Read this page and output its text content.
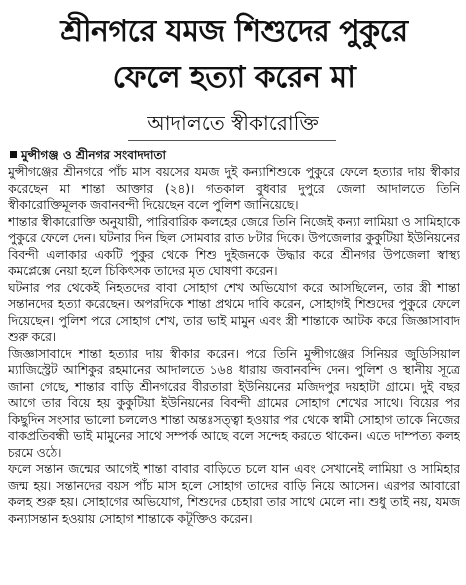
শ্রীনগরে যমজ শিশুদের পুকুরে
ফেলে হত্যা করেন মা
আদালতে স্বীকারোক্তি
মুন্সীগঞ্জ ও শ্রীনগর সংবাদদাতা

মুন্সীগঞ্জের শ্রীনগরে পাঁচ মাস বয়সের যমজ দুই কন্যাশিশুকে পুকুরে ফেলে হত্যার দায় স্বীকার করেছেন মা শান্তা আক্তার (২৪)। গতকাল বুধবার দুপুরে জেলা আদালতে তিনি স্বীকারোক্তিমূলক জবানবন্দী দিয়েছেন বলে পুলিশ জানিয়েছে।

শান্তার স্বীকারোক্তি অনুযায়ী, পারিবারিক কলহের জেরে তিনি নিজেই কন্যা লামিয়া ও সামিহাকে পুকুরে ফেলে দেন। ঘটনার দিন ছিল সোমবার রাত ৮টার দিকে। উপজেলার কুকুটিয়া ইউনিয়নের বিবন্দী এলাকার একটি পুকুর থেকে শিশু দুইজনকে উদ্ধার করে শ্রীনগর উপজেলা স্বাস্থ্য কমপ্লেক্সে নেয়া হলে চিকিৎসক তাদের মৃত ঘোষণা করেন।

ঘটনার পর থেকেই নিহতদের বাবা সোহাগ শেখ অভিযোগ করে আসছিলেন, তার স্ত্রী শান্তা সন্তানদের হত্যা করেছেন। অপরদিকে শান্তা প্রথমে দাবি করেন, সোহাগই শিশুদের পুকুরে ফেলে দিয়েছেন। পুলিশ পরে সোহাগ শেখ, তার ভাই মামুন এবং স্ত্রী শান্তাকে আটক করে জিজ্ঞাসাবাদ শুরু করে।

জিজ্ঞাসাবাদে শান্তা হত্যার দায় স্বীকার করেন। পরে তিনি মুন্সীগঞ্জের সিনিয়র জুডিসিয়াল ম্যাজিস্ট্রেট আশিকুর রহমানের আদালতে ১৬৪ ধারায় জবানবন্দি দেন। পুলিশ ও স্থানীয় সূত্রে জানা গেছে, শান্তার বাড়ি শ্রীনগরের বীরতারা ইউনিয়নের মজিদপুর দয়হাটা গ্রামে। দুই বছর আগে তার বিয়ে হয় কুকুটিয়া ইউনিয়নের বিবন্দী গ্রামের সোহাগ শেখের সাথে। বিয়ের পর কিছুদিন সংসার ভালো চললেও শান্তা অন্তঃসত্ত্বা হওয়ার পর থেকে স্বামী সোহাগ তাকে নিজের বাকপ্রতিবন্ধী ভাই মামুনের সাথে সম্পর্ক আছে বলে সন্দেহ করতে থাকেন। এতে দাম্পত্য কলহ চরমে ওঠে।

ফলে সন্তান জন্মের আগেই শান্তা বাবার বাড়িতে চলে যান এবং সেখানেই লামিয়া ও সামিহার জন্ম হয়। সন্তানদের বয়স পাঁচ মাস হলে সোহাগ তাদের বাড়ি নিয়ে আসেন। এরপর আবারো কলহ শুরু হয়। সোহাগের অভিযোগ, শিশুদের চেহারা তার সাথে মেলে না। শুধু তাই নয়, যমজ কন্যাসন্তান হওয়ায় সোহাগ শান্তাকে কটূক্তিও করেন।
